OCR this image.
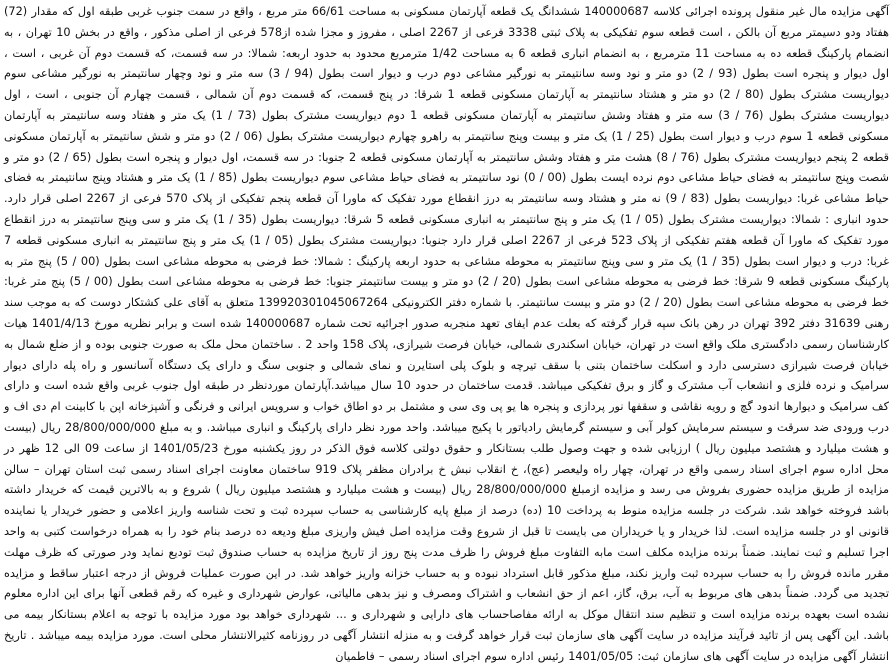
آگهی مزایده مال غیر منقول پرونده اجرائی کلاسه 140000687 ششدانگ یک قطعه آپارتمان مسکونی به مساحت 66/61 متر مربع ، واقع در سمت جنوب غربی طبقه اول که مقدار (72) هفتاد ودو دسیمتر مربع آن بالکن ، است قطعه سوم تفکیکی به پلاک ثبتی 3338 فرعی از 2267 اصلی ، مفروز و مجزا شده از578 فرعی از اصلی مذکور ، واقع در بخش 10 تهران ، به انضمام پارکینگ قطعه ده به مساحت 11 مترمربع ، به انضمام انباری قطعه 6 به مساحت 1/42 مترمربع محدود به حدود اربعه: شمالا: در سه قسمت، که قسمت دوم آن غربی ، است ، اول دیوار و پنجره است بطول (93 / 2) دو متر و نود وسه سانتیمتر به نورگیر مشاعی دوم درب و دیوار است بطول (94 / 3) سه متر و نود وچهار سانتیمتر به نورگیر مشاعی سوم دیواریست مشترک بطول (80 / 2) دو متر و هشتاد سانتیمتر به آپارتمان مسکونی قطعه 1 شرقا: در پنج قسمت، که قسمت دوم آن شمالی ، قسمت چهارم آن جنوبی ، است ، اول دیواریست مشترک بطول (76 / 3) سه متر و هفتاد وشش سانتیمتر به آپارتمان مسکونی قطعه 1 دوم دیواریست مشترک بطول (73 / 1) یک متر و هفتاد وسه سانتیمتر به آپارتمان مسکونی قطعه 1 سوم درب و دیوار است بطول (25 / 1) یک متر و بیست وپنج سانتیمتر به راهرو چهارم دیواریست مشترک بطول (06 / 2) دو متر و شش سانتیمتر به آپارتمان مسکونی قطعه 2 پنجم دیواریست مشترک بطول (76 / 8) هشت متر و هفتاد وشش سانتیمتر به آپارتمان مسکونی قطعه 2 جنوبا: در سه قسمت، اول دیوار و پنجره است بطول (65 / 2) دو متر و شصت وپنج سانتیمتر به فضای حیاط مشاعی دوم نرده ایست بطول (00 / 0) نود سانتیمتر به فضای حیاط مشاعی سوم دیواریست بطول (85 / 1) یک متر و هشتاد وپنج سانتیمتر به فضای حیاط مشاعی غربا: دیواریست بطول (83 / 9) نه متر و هشتاد وسه سانتیمتر به درز انقطاع مورد تفکیک که ماورا آن قطعه پنجم تفکیکی از پلاک 570 فرعی از 2267 اصلی قرار دارد. حدود انباری : شمالا: دیواریست مشترک بطول (05 / 1) یک متر و پنج سانتیمتر به انباری مسکونی قطعه 5 شرقا: دیواریست بطول (35 / 1) یک متر و سی وپنج سانتیمتر به درز انقطاع مورد تفکیک که ماورا آن قطعه هفتم تفکیکی از پلاک 523 فرعی از 2267 اصلی قرار دارد جنوبا: دیواریست مشترک بطول (05 / 1) یک متر و پنج سانتیمتر به انباری مسکونی قطعه 7 غربا: درب و دیوار است بطول (35 / 1) یک متر و سی وپنج سانتیمتر به محوطه مشاعی به حدود اربعه پارکینگ : شمالا: خط فرضی به محوطه مشاعی است بطول (00 / 5) پنج متر به پارکینگ مسکونی قطعه 9 شرقا: خط فرضی به محوطه مشاعی است بطول (20 / 2) دو متر و بیست سانتیمتر جنوبا: خط فرضی به محوطه مشاعی است بطول (00 / 5) پنج متر غربا: خط فرضی به محوطه مشاعی است بطول (20 / 2) دو متر و بیست سانتیمتر. با شماره دفتر الکترونیکی 139920301045067264 متعلق به آقای علی کشتکار دوست که به موجب سند رهنی 31639 دفتر 392 تهران در رهن بانک سپه قرار گرفته که بعلت عدم ایفای تعهد منجربه صدور اجرائیه تحت شماره 140000687 شده است و برابر نظریه مورخ 1401/4/13 هیات کارشناسان رسمی دادگستری ملک واقع است در تهران، خیابان اسکندری شمالی، خیابان فرصت شیرازی، پلاک 158 واحد 2 . ساختمان محل ملک به صورت جنوبی بوده و از ضلع شمال به خیابان فرصت شیرازی دسترسی دارد و اسکلت ساختمان بتنی با سقف تیرچه و بلوک پلی استایرن و نمای شمالی و جنوبی سنگ و دارای یک دستگاه آسانسور و راه پله دارای دیوار سرامیک و نرده فلزی و انشعاب آب مشترک و گاز و برق تفکیکی میباشد. قدمت ساختمان در حدود 10 سال میباشد.آپارتمان موردنظر در طبقه اول جنوب غربی واقع شده است و دارای کف سرامیک و دیوارها اندود گچ و رویه نقاشی و سقفها نور پردازی و پنجره ها یو پی وی سی و مشتمل بر دو اطاق خواب و سرویس ایرانی و فرنگی و آشپزخانه اپن با کابینت ام دی اف و درب ورودی ضد سرقت و سیستم سرمایش کولر آبی و سیستم گرمایش رادیاتور با پکیج میباشد. واحد مورد نظر دارای پارکینگ و انباری میباشد. و به مبلغ 28/800/000/000 ریال (بیست و هشت میلیارد و هشتصد میلیون ریال ) ارزیابی شده و جهت وصول طلب بستانکار و حقوق دولتی کلاسه فوق الذکر در روز یکشنبه مورخ 1401/05/23 از ساعت 09 الی 12 ظهر در محل اداره سوم اجرای اسناد رسمی واقع در تهران، چهار راه ولیعصر (عج)، خ انقلاب نبش خ برادران مظفر پلاک 919 ساختمان معاونت اجرای اسناد رسمی ثبت استان تهران – سالن مزایده از طریق مزایده حضوری بفروش می رسد و مزایده ازمبلغ 28/800/000/000 ریال (بیست و هشت میلیارد و هشتصد میلیون ریال ) شروع و به بالاترین قیمت که خریدار داشته باشد فروخته خواهد شد. شرکت در جلسه مزایده منوط به پرداخت 10 (ده) درصد از مبلغ پایه کارشناسی به حساب سپرده ثبت و تحت شناسه واریز اعلامی و حضور خریدار یا نماینده قانونی او در جلسه مزایده است. لذا خریدار و یا خریداران می بایست تا قبل از شروع وقت مزایده اصل فیش واریزی مبلغ ودیعه ده درصد بنام خود را به همراه درخواست کتبی به واحد اجرا تسلیم و ثبت نمایند. ضمناً برنده مزایده مکلف است مابه التفاوت مبلغ فروش را ظرف مدت پنج روز از تاریخ مزایده به حساب صندوق ثبت تودیع نماید ودر صورتی که ظرف مهلت مقرر مانده فروش را به حساب سپرده ثبت واریز نکند، مبلغ مذکور قابل استرداد نبوده و به حساب خزانه واریز خواهد شد. در این صورت عملیات فروش از درجه اعتبار ساقط و مزایده تجدید می گردد. ضمناً بدهی های مربوط به آب، برق، گاز، اعم از حق انشعاب و اشتراک ومصرف و نیز بدهی مالیاتی، عوارض شهرداری و غیره که رقم قطعی آنها برای این اداره معلوم نشده است بعهده برنده مزایده است و تنظیم سند انتقال موکل به ارائه مفاصاحساب های دارایی و شهرداری و ... شهرداری خواهد بود مورد مزایده با توجه به اعلام بستانکار بیمه می باشد. این آگهی پس از تائید فرآیند مزایده در سایت آگهی های سازمان ثبت قرار خواهد گرفت و به منزله انتشار آگهی در روزنامه کثیرالانتشار محلی است. مورد مزایده بیمه میباشد . تاریخ انتشار آگهی مزایده در سایت آگهی های سازمان ثبت: 1401/05/05 رئیس اداره سوم اجرای اسناد رسمی – فاطمیان
